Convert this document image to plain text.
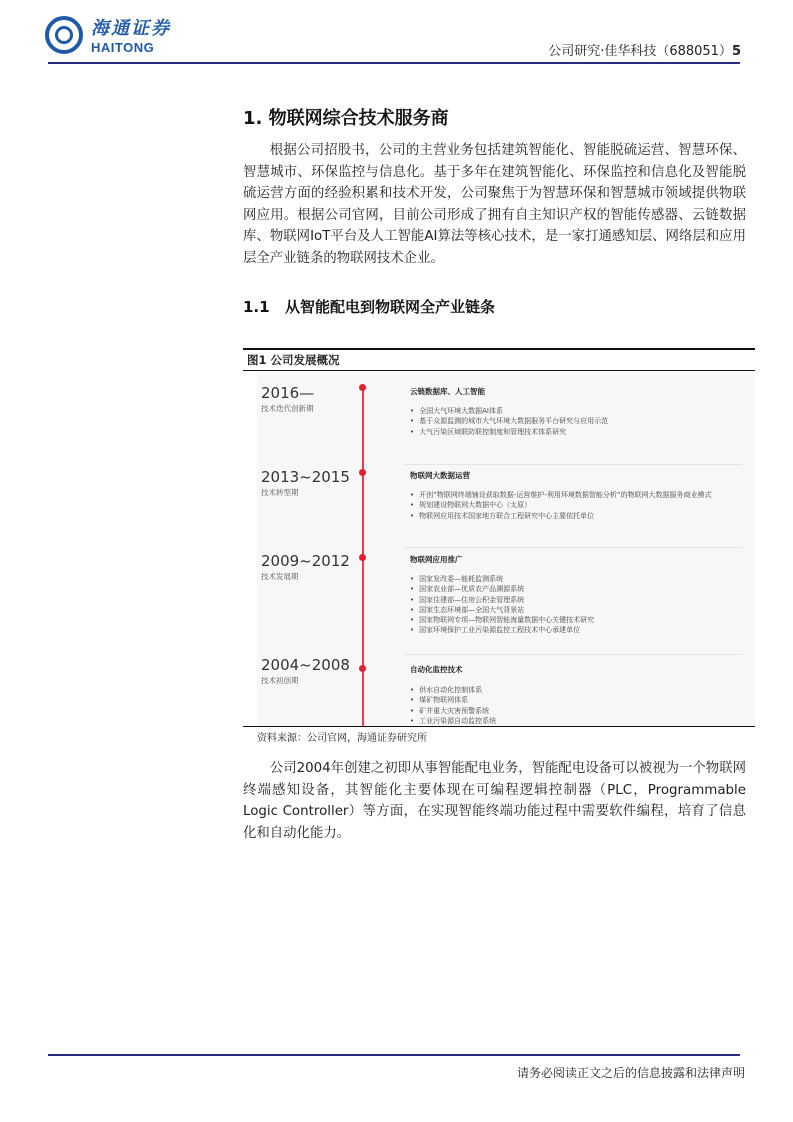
海通证券
HAITONG	公司研究·佳华科技（688051）5
1. 物联网综合技术服务商

根据公司招股书，公司的主营业务包括建筑智能化、智能脱硫运营、智慧环保、智慧城市、环保监控与信息化。基于多年在建筑智能化、环保监控和信息化及智能脱硫运营方面的经验积累和技术开发，公司聚焦于为智慧环保和智慧城市领域提供物联网应用。根据公司官网，目前公司形成了拥有自主知识产权的智能传感器、云链数据库、物联网IoT平台及人工智能AI算法等核心技术，是一家打通感知层、网络层和应用层全产业链条的物联网技术企业。

1.1 从智能配电到物联网全产业链条
图1 公司发展概况
2016—
技术迭代创新期
云链数据库、人工智能
• 全国大气环境大数据AI体系
• 基于众源监测的城市大气环境大数据服务平台研究与应用示范
• 大气污染区域联防联控制度和管理技术体系研究
2013~2015
技术转型期
物联网大数据运营
• 开创“物联网终端铺设获取数据-运营维护-利用环境数据智能分析”的物联网大数据服务商业模式
• 规划建设物联网大数据中心（太原）
• 物联网应用技术国家地方联合工程研究中心主要依托单位
2009~2012
技术发展期
物联网应用推广
• 国家发改委—能耗监测系统
• 国家农业部—优质农产品溯源系统
• 国家住建部—住房公积金管理系统
• 国家生态环境部—全国大气背景站
• 国家物联网专项—物联网智能海量数据中心关键技术研究
• 国家环境保护工业污染源监控工程技术中心承建单位
2004~2008
技术初创期
自动化监控技术
• 供水自动化控制体系
• 煤矿物联网体系
• 矿井重大灾害预警系统
• 工业污染源自动监控系统
资料来源：公司官网，海通证券研究所

公司2004年创建之初即从事智能配电业务，智能配电设备可以被视为一个物联网终端感知设备，其智能化主要体现在可编程逻辑控制器（PLC，Programmable Logic Controller）等方面，在实现智能终端功能过程中需要软件编程，培育了信息化和自动化能力。

请务必阅读正文之后的信息披露和法律声明
